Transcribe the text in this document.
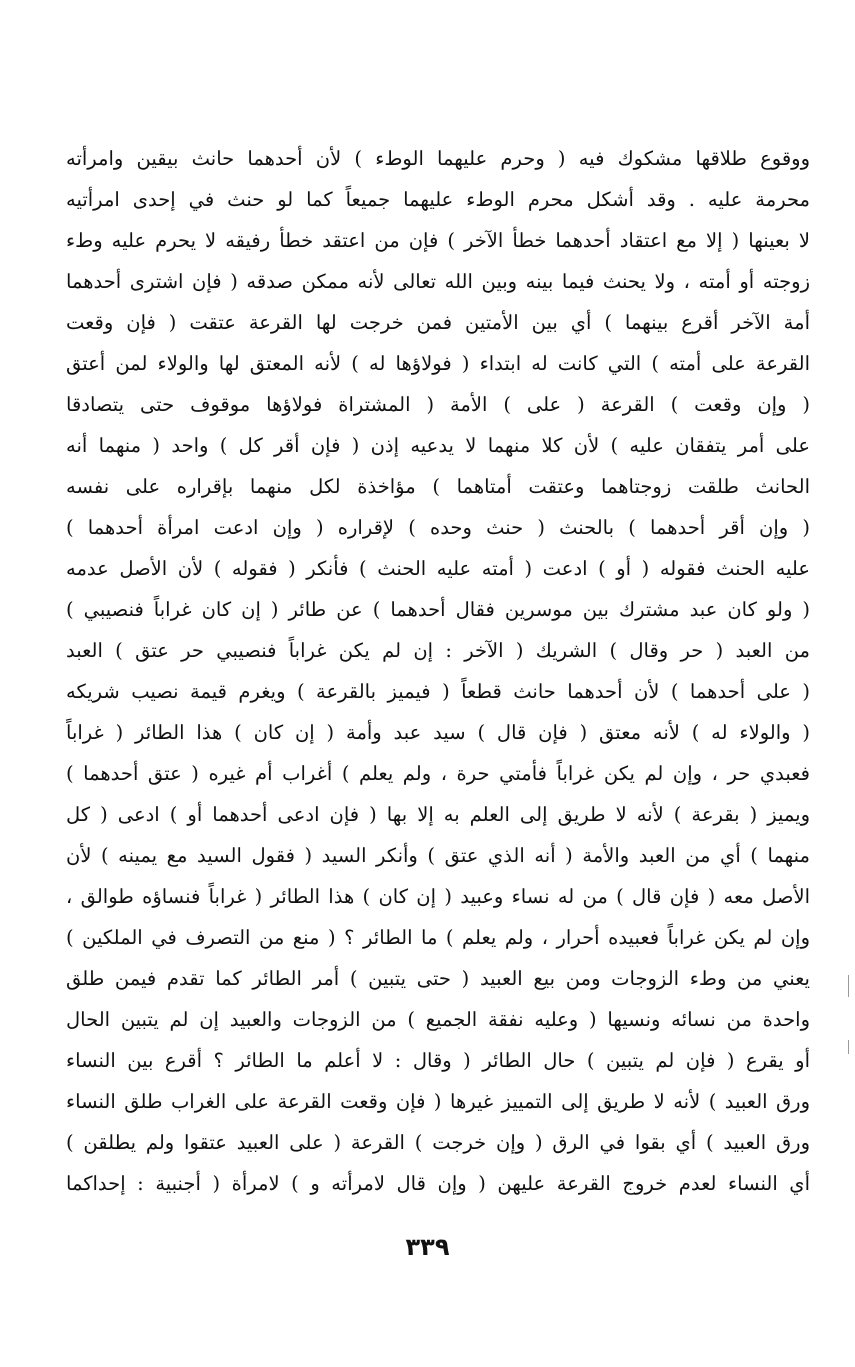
ووقوع طلاقها مشكوك فيه ( وحرم عليهما الوطء ) لأن أحدهما حانث بيقين وامرأته
محرمة عليه . وقد أشكل محرم الوطء عليهما جميعاً كما لو حنث في إحدى امرأتيه
لا بعينها ( إلا مع اعتقاد أحدهما خطأ الآخر ) فإن من اعتقد خطأ رفيقه لا يحرم عليه وطء
زوجته أو أمته ، ولا يحنث فيما بينه وبين الله تعالى لأنه ممكن صدقه ( فإن اشترى أحدهما
أمة الآخر أقرع بينهما ) أي بين الأمتين فمن خرجت لها القرعة عتقت ( فإن وقعت
القرعة على أمته ) التي كانت له ابتداء ( فولاؤها له ) لأنه المعتق لها والولاء لمن أعتق
( وإن وقعت ) القرعة ( على ) الأمة ( المشتراة فولاؤها موقوف حتى يتصادقا
على أمر يتفقان عليه ) لأن كلا منهما لا يدعيه إذن ( فإن أقر كل ) واحد ( منهما أنه
الحانث طلقت زوجتاهما وعتقت أمتاهما ) مؤاخذة لكل منهما بإقراره على نفسه
( وإن أقر أحدهما ) بالحنث ( حنث وحده ) لإقراره ( وإن ادعت امرأة أحدهما )
عليه الحنث فقوله ( أو ) ادعت ( أمته عليه الحنث ) فأنكر ( فقوله ) لأن الأصل عدمه
( ولو كان عبد مشترك بين موسرين فقال أحدهما ) عن طائر ( إن كان غراباً فنصيبي )
من العبد ( حر وقال ) الشريك ( الآخر : إن لم يكن غراباً فنصيبي حر عتق ) العبد
( على أحدهما ) لأن أحدهما حانث قطعاً ( فيميز بالقرعة ) ويغرم قيمة نصيب شريكه
( والولاء له ) لأنه معتق ( فإن قال ) سيد عبد وأمة ( إن كان ) هذا الطائر ( غراباً
فعبدي حر ، وإن لم يكن غراباً فأمتي حرة ، ولم يعلم ) أغراب أم غيره ( عتق أحدهما )
ويميز ( بقرعة ) لأنه لا طريق إلى العلم به إلا بها ( فإن ادعى أحدهما أو ) ادعى ( كل
منهما ) أي من العبد والأمة ( أنه الذي عتق ) وأنكر السيد ( فقول السيد مع يمينه ) لأن
الأصل معه ( فإن قال ) من له نساء وعبيد ( إن كان ) هذا الطائر ( غراباً فنساؤه طوالق ،
وإن لم يكن غراباً فعبيده أحرار ، ولم يعلم ) ما الطائر ؟ ( منع من التصرف في الملكين )
يعني من وطء الزوجات ومن بيع العبيد ( حتى يتبين ) أمر الطائر كما تقدم فيمن طلق
واحدة من نسائه ونسيها ( وعليه نفقة الجميع ) من الزوجات والعبيد إن لم يتبين الحال
أو يقرع ( فإن لم يتبين ) حال الطائر ( وقال : لا أعلم ما الطائر ؟ أقرع بين النساء
ورق العبيد ) لأنه لا طريق إلى التمييز غيرها ( فإن وقعت القرعة على الغراب طلق النساء
ورق العبيد ) أي بقوا في الرق ( وإن خرجت ) القرعة ( على العبيد عتقوا ولم يطلقن )
أي النساء لعدم خروج القرعة عليهن ( وإن قال لامرأته و ) لامرأة ( أجنبية : إحداكما
٣٣٩
